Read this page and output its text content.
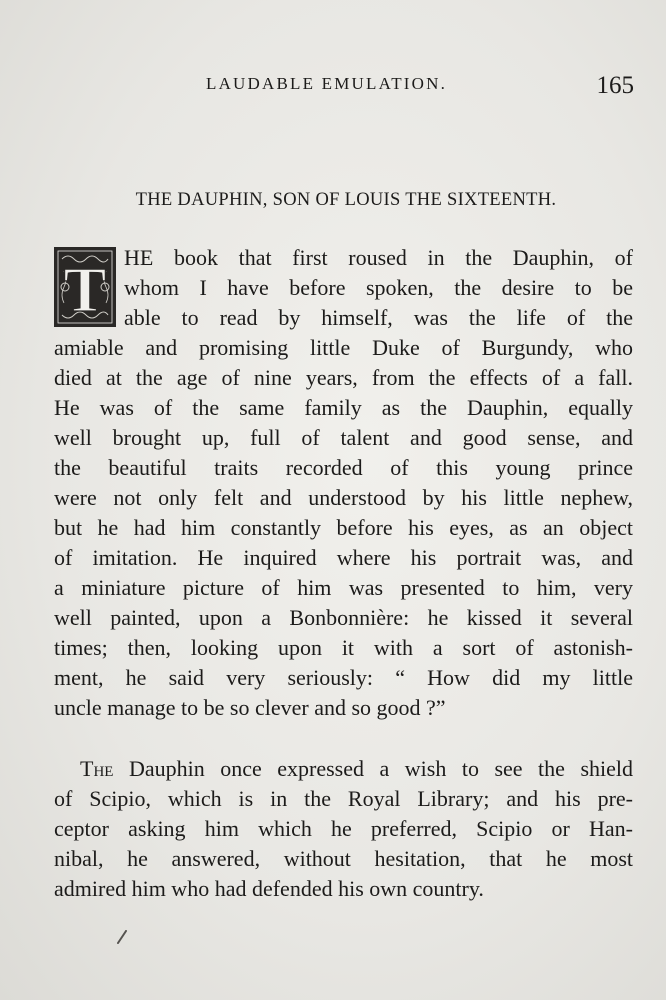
LAUDABLE EMULATION.	165
THE DAUPHIN, SON OF LOUIS THE SIXTEENTH.
T HE book that first roused in the Dauphin, of
whom I have before spoken, the desire to be
able to read by himself, was the life of the
amiable and promising little Duke of Burgundy, who
died at the age of nine years, from the effects of a fall.
He was of the same family as the Dauphin, equally
well brought up, full of talent and good sense, and
the beautiful traits recorded of this young prince
were not only felt and understood by his little nephew,
but he had him constantly before his eyes, as an object
of imitation. He inquired where his portrait was, and
a miniature picture of him was presented to him, very
well painted, upon a Bonbonnière: he kissed it several
times; then, looking upon it with a sort of astonish-
ment, he said very seriously: “ How did my little
uncle manage to be so clever and so good ?”
The Dauphin once expressed a wish to see the shield
of Scipio, which is in the Royal Library; and his pre-
ceptor asking him which he preferred, Scipio or Han-
nibal, he answered, without hesitation, that he most
admired him who had defended his own country.
